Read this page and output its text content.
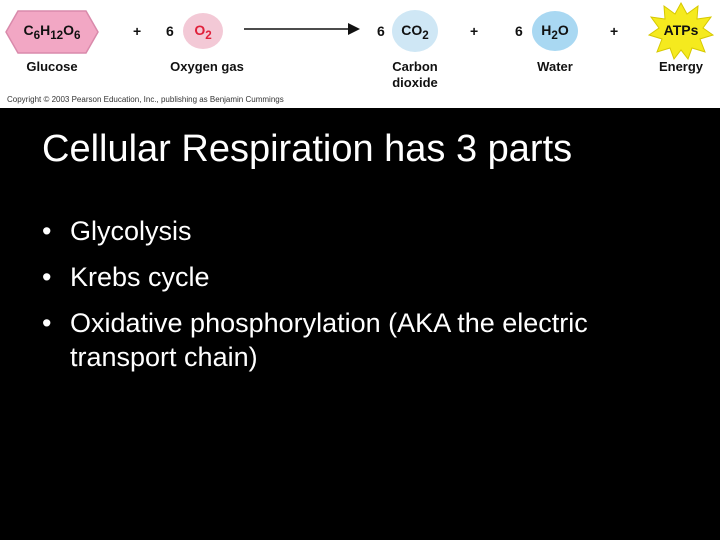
$C_6H_{12}O_6$
Glucose
+ 6	$O_2$
Oxygen gas
6	$CO_2$
Carbon
dioxide
+	6	$H_2O$
Water
+	ATPs
Energy
Copyright © 2003 Pearson Education, Inc., publishing as Benjamin Cummings
Cellular Respiration has 3 parts
• Glycolysis
• Krebs cycle
• Oxidative phosphorylation (AKA the electric transport chain)
